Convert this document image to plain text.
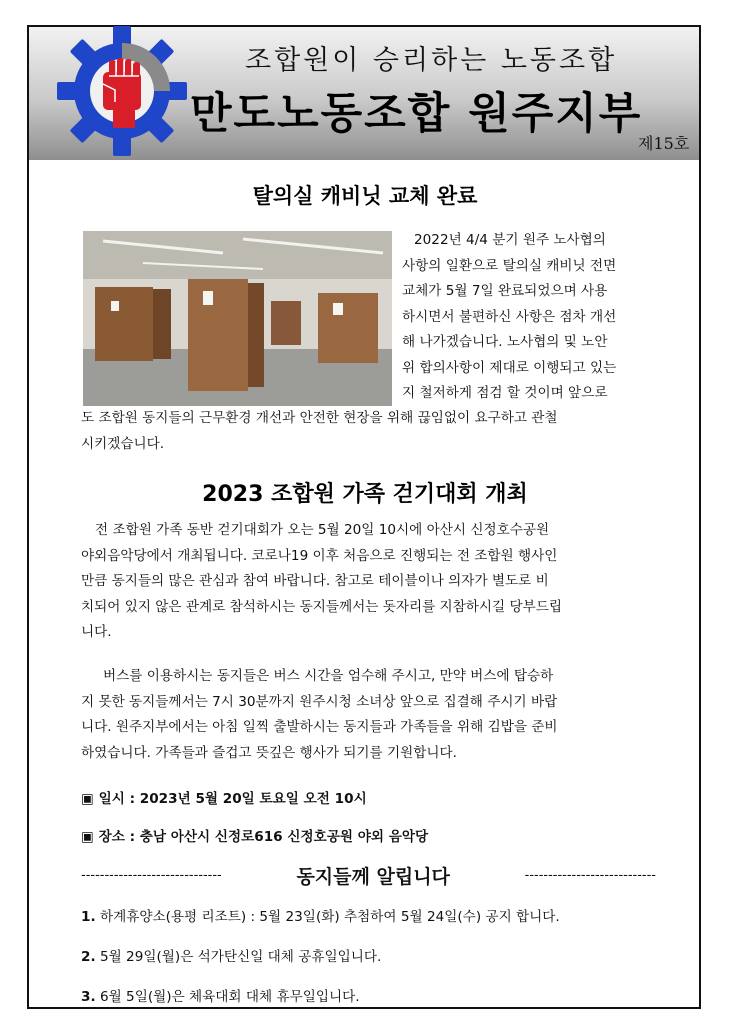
조합원이 승리하는 노동조합
만도노동조합 원주지부
제15호
탈의실 캐비닛 교체 완료
2022년 4/4 분기 원주 노사협의
사항의 일환으로 탈의실 캐비닛 전면
교체가 5월 7일 완료되었으며 사용
하시면서 불편하신 사항은 점차 개선
해 나가겠습니다. 노사협의 및 노안
위 합의사항이 제대로 이행되고 있는
지 철저하게 점검 할 것이며 앞으로
도 조합원 동지들의 근무환경 개선과 안전한 현장을 위해 끊임없이 요구하고 관철
시키겠습니다.
2023 조합원 가족 걷기대회 개최
전 조합원 가족 동반 걷기대회가 오는 5월 20일 10시에 아산시 신정호수공원
야외음악당에서 개최됩니다. 코로나19 이후 처음으로 진행되는 전 조합원 행사인
만큼 동지들의 많은 관심과 참여 바랍니다. 참고로 테이블이나 의자가 별도로 비
치되어 있지 않은 관계로 참석하시는 동지들께서는 돗자리를 지참하시길 당부드립
니다.
버스를 이용하시는 동지들은 버스 시간을 엄수해 주시고, 만약 버스에 탑승하
지 못한 동지들께서는 7시 30분까지 원주시청 소녀상 앞으로 집결해 주시기 바랍
니다. 원주지부에서는 아침 일찍 출발하시는 동지들과 가족들을 위해 김밥을 준비
하였습니다. 가족들과 즐겁고 뜻깊은 행사가 되기를 기원합니다.
▣ 일시 : 2023년 5월 20일 토요일 오전 10시
▣ 장소 : 충남 아산시 신정로616 신정호공원 야외 음악당
------------------------------	동지들께 알립니다	----------------------------
1. 하계휴양소(용평 리조트) : 5월 23일(화) 추첨하여 5월 24일(수) 공지 합니다.
2. 5월 29일(월)은 석가탄신일 대체 공휴일입니다.
3. 6월 5일(월)은 체육대회 대체 휴무일입니다.
